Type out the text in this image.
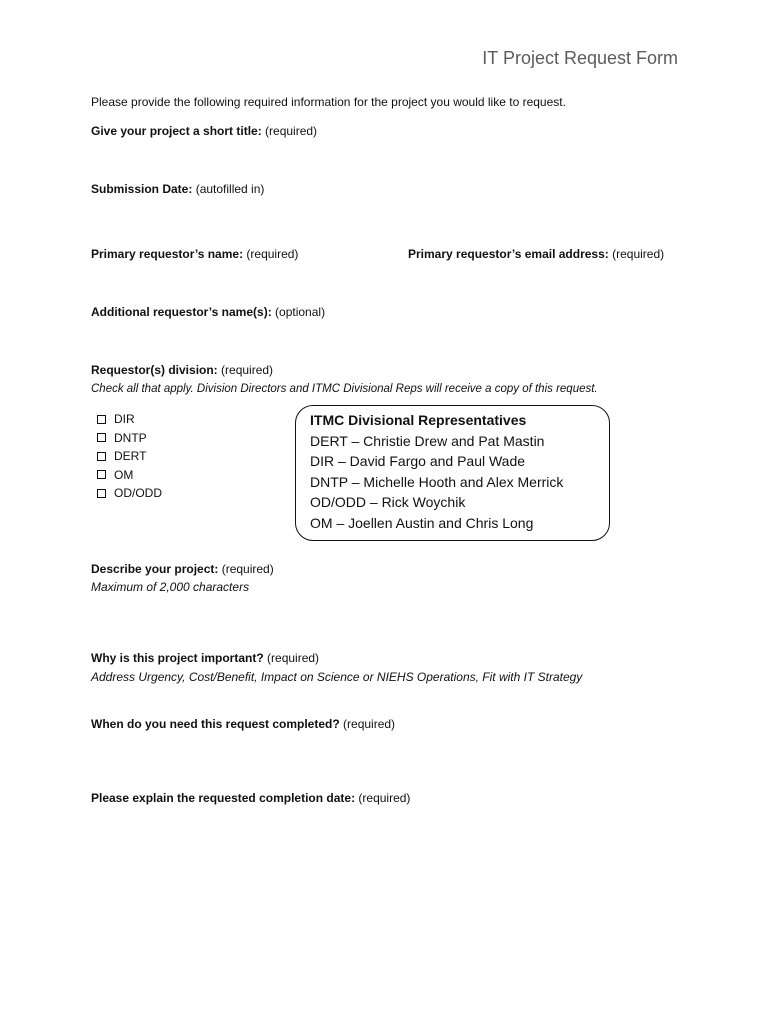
IT Project Request Form
Please provide the following required information for the project you would like to request.
Give your project a short title: (required)
Submission Date: (autofilled in)
Primary requestor’s name: (required)	Primary requestor’s email address: (required)
Additional requestor’s name(s): (optional)
Requestor(s) division: (required)
Check all that apply. Division Directors and ITMC Divisional Reps will receive a copy of this request.
DIR
DNTP
DERT
OM
OD/ODD
ITMC Divisional Representatives
DERT – Christie Drew and Pat Mastin
DIR – David Fargo and Paul Wade
DNTP – Michelle Hooth and Alex Merrick
OD/ODD – Rick Woychik
OM – Joellen Austin and Chris Long
Describe your project: (required)
Maximum of 2,000 characters
Why is this project important? (required)
Address Urgency, Cost/Benefit, Impact on Science or NIEHS Operations, Fit with IT Strategy
When do you need this request completed? (required)
Please explain the requested completion date: (required)
